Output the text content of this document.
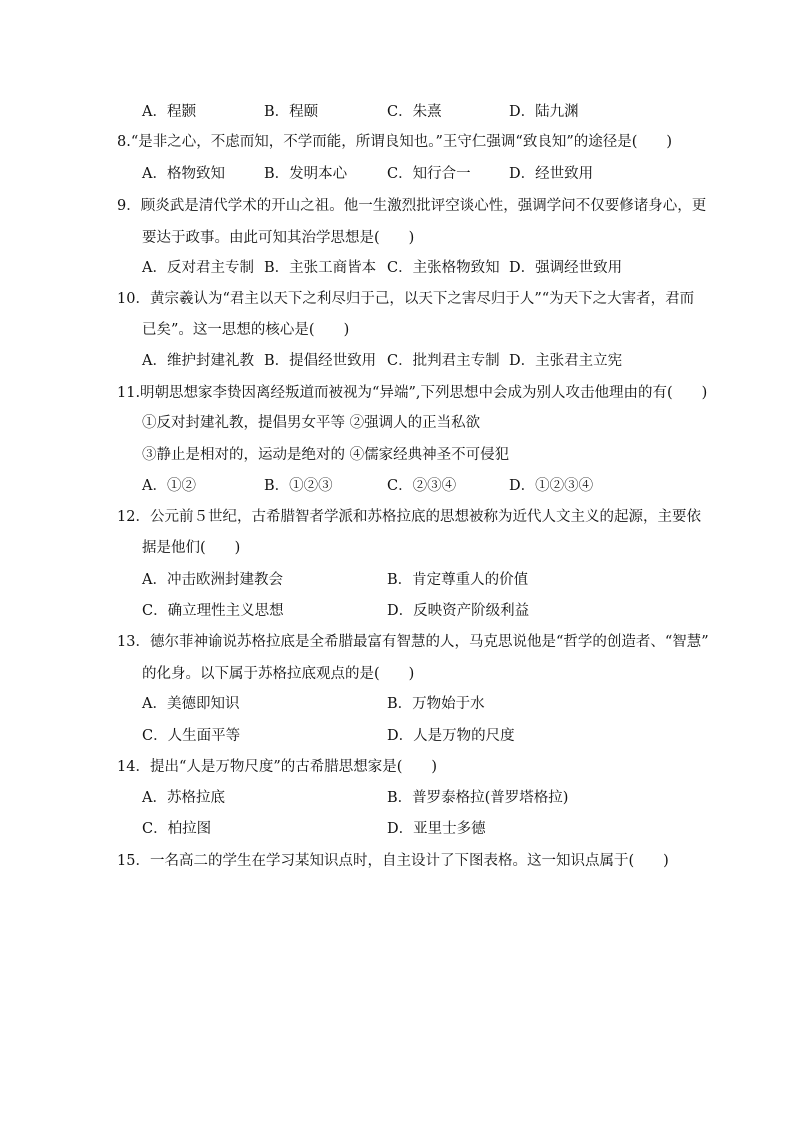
A．程颢	B．程颐	C．朱熹	D．陆九渊
8.“是非之心，不虑而知，不学而能，所谓良知也。”王守仁强调“致良知”的途径是(　　)
A．格物致知	B．发明本心	C．知行合一	D．经世致用
9．顾炎武是清代学术的开山之祖。他一生激烈批评空谈心性，强调学问不仅要修诸身心，更
要达于政事。由此可知其治学思想是(　　)
A．反对君主专制 B．主张工商皆本 C．主张格物致知 D．强调经世致用
10．黄宗羲认为“君主以天下之利尽归于己，以天下之害尽归于人”“为天下之大害者，君而
已矣”。这一思想的核心是(　　)
A．维护封建礼教 B．提倡经世致用 C．批判君主专制 D．主张君主立宪
11.明朝思想家李贽因离经叛道而被视为“异端”,下列思想中会成为别人攻击他理由的有(　　)
①反对封建礼教，提倡男女平等 ②强调人的正当私欲
③静止是相对的，运动是绝对的 ④儒家经典神圣不可侵犯
A．①②	B．①②③	C．②③④	D．①②③④
12．公元前５世纪，古希腊智者学派和苏格拉底的思想被称为近代人文主义的起源，主要依
据是他们(　　)
A．冲击欧洲封建教会	B．肯定尊重人的价值
C．确立理性主义思想	D．反映资产阶级利益
13．德尔菲神谕说苏格拉底是全希腊最富有智慧的人，马克思说他是“哲学的创造者、“智慧”
的化身。以下属于苏格拉底观点的是(　　)
A．美德即知识	B．万物始于水
C．人生面平等	D．人是万物的尺度
14．提出“人是万物尺度”的古希腊思想家是(　　)
A．苏格拉底	B．普罗泰格拉(普罗塔格拉)
C．柏拉图	D．亚里士多德
15．一名高二的学生在学习某知识点时，自主设计了下图表格。这一知识点属于(　　)
